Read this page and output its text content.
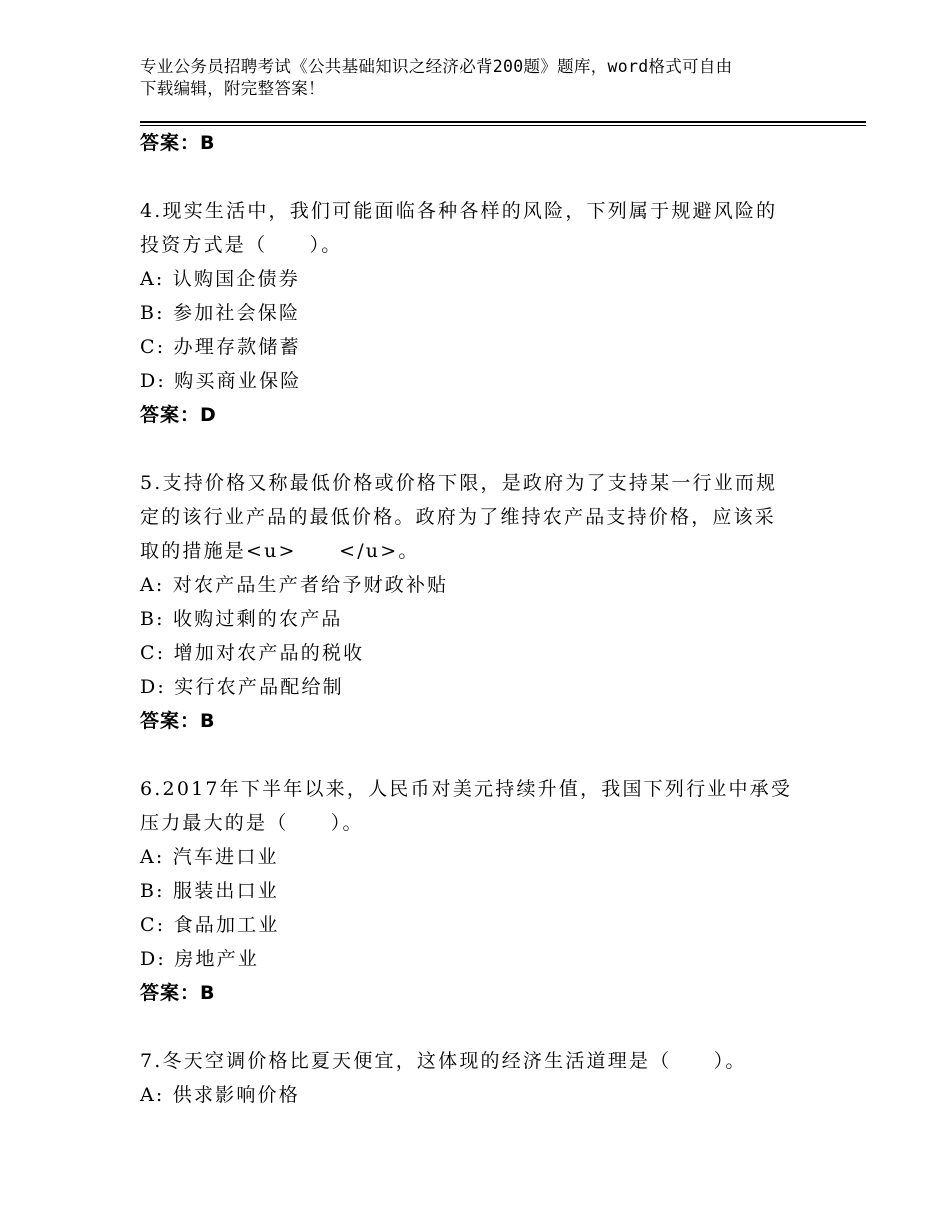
专业公务员招聘考试《公共基础知识之经济必背200题》题库，word格式可自由
下载编辑，附完整答案！
答案：B
4.现实生活中，我们可能面临各种各样的风险，下列属于规避风险的
投资方式是（　　）。
A: 认购国企债券
B: 参加社会保险
C: 办理存款储蓄
D: 购买商业保险
答案：D
5.支持价格又称最低价格或价格下限，是政府为了支持某一行业而规
定的该行业产品的最低价格。政府为了维持农产品支持价格，应该采
取的措施是<u>　　</u>。
A: 对农产品生产者给予财政补贴
B: 收购过剩的农产品
C: 增加对农产品的税收
D: 实行农产品配给制
答案：B
6.2017年下半年以来，人民币对美元持续升值，我国下列行业中承受
压力最大的是（　　）。
A: 汽车进口业
B: 服装出口业
C: 食品加工业
D: 房地产业
答案：B
7.冬天空调价格比夏天便宜，这体现的经济生活道理是（　　）。
A: 供求影响价格
